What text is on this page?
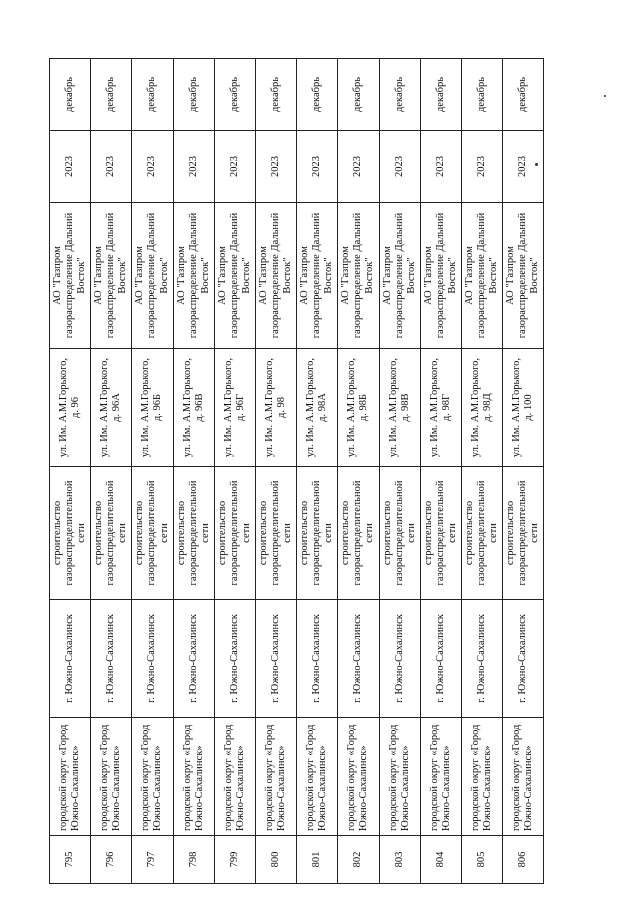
795	городской округ «Город Южно-Сахалинск»	г. Южно-Сахалинск	строительство газораспределительной сети	ул. Им. А.М.Горького, д. 96	АО "Газпром газораспределение Дальний Восток"	2023	декабрь
796	городской округ «Город Южно-Сахалинск»	г. Южно-Сахалинск	строительство газораспределительной сети	ул. Им. А.М.Горького, д. 96А	АО "Газпром газораспределение Дальний Восток"	2023	декабрь
797	городской округ «Город Южно-Сахалинск»	г. Южно-Сахалинск	строительство газораспределительной сети	ул. Им. А.М.Горького, д. 96Б	АО "Газпром газораспределение Дальний Восток"	2023	декабрь
798	городской округ «Город Южно-Сахалинск»	г. Южно-Сахалинск	строительство газораспределительной сети	ул. Им. А.М.Горького, д. 96В	АО "Газпром газораспределение Дальний Восток"	2023	декабрь
799	городской округ «Город Южно-Сахалинск»	г. Южно-Сахалинск	строительство газораспределительной сети	ул. Им. А.М.Горького, д. 96Г	АО "Газпром газораспределение Дальний Восток"	2023	декабрь
800	городской округ «Город Южно-Сахалинск»	г. Южно-Сахалинск	строительство газораспределительной сети	ул. Им. А.М.Горького, д. 98	АО "Газпром газораспределение Дальний Восток"	2023	декабрь
801	городской округ «Город Южно-Сахалинск»	г. Южно-Сахалинск	строительство газораспределительной сети	ул. Им. А.М.Горького, д. 98А	АО "Газпром газораспределение Дальний Восток"	2023	декабрь
802	городской округ «Город Южно-Сахалинск»	г. Южно-Сахалинск	строительство газораспределительной сети	ул. Им. А.М.Горького, д. 98Б	АО "Газпром газораспределение Дальний Восток"	2023	декабрь
803	городской округ «Город Южно-Сахалинск»	г. Южно-Сахалинск	строительство газораспределительной сети	ул. Им. А.М.Горького, д. 98В	АО "Газпром газораспределение Дальний Восток"	2023	декабрь
804	городской округ «Город Южно-Сахалинск»	г. Южно-Сахалинск	строительство газораспределительной сети	ул. Им. А.М.Горького, д. 98Г	АО "Газпром газораспределение Дальний Восток"	2023	декабрь
805	городской округ «Город Южно-Сахалинск»	г. Южно-Сахалинск	строительство газораспределительной сети	ул. Им. А.М.Горького, д. 98Д	АО "Газпром газораспределение Дальний Восток"	2023	декабрь
806	городской округ «Город Южно-Сахалинск»	г. Южно-Сахалинск	строительство газораспределительной сети	ул. Им. А.М.Горького, д. 100	АО "Газпром газораспределение Дальний Восток"	2023	декабрь
